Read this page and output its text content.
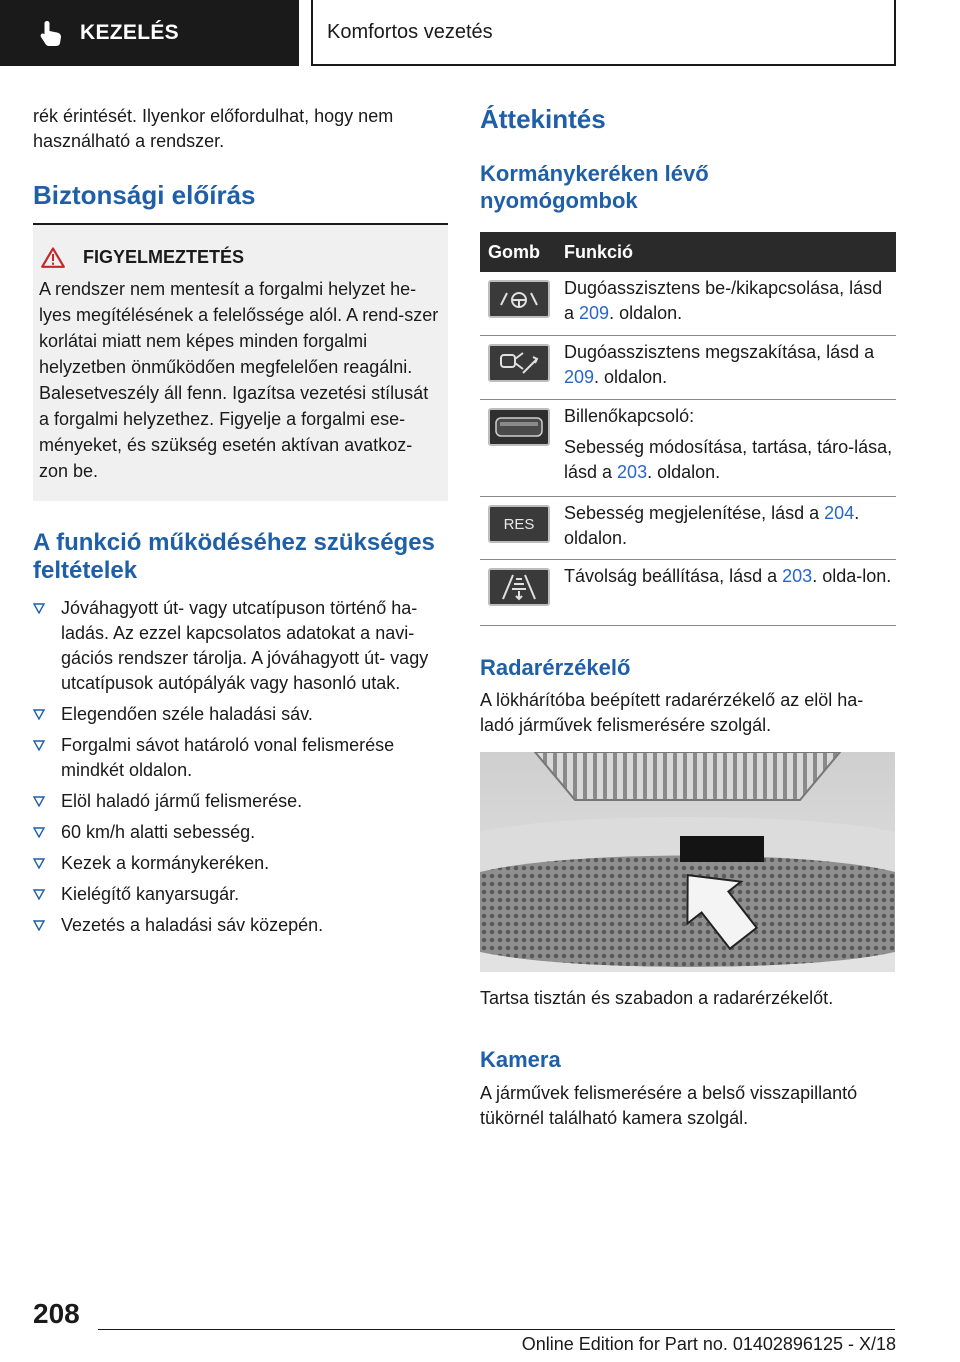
KEZELÉS	Komfortos vezetés
rék érintését. Ilyenkor előfordulhat, hogy nem használható a rendszer.
Biztonsági előírás
FIGYELMEZTETÉS
A rendszer nem mentesít a forgalmi helyzet he-lyes megítélésének a felelőssége alól. A rend-szer korlátai miatt nem képes minden forgalmi helyzetben önműködően megfelelően reagálni. Balesetveszély áll fenn. Igazítsa vezetési stílusát a forgalmi helyzethez. Figyelje a forgalmi ese-ményeket, és szükség esetén aktívan avatkoz-zon be.
A funkció működéséhez szükséges feltételek
Jóváhagyott út- vagy utcatípuson történő ha-ladás. Az ezzel kapcsolatos adatokat a navi-gációs rendszer tárolja. A jóváhagyott út- vagy utcatípusok autópályák vagy hasonló utak.
Elegendően széle haladási sáv.
Forgalmi sávot határoló vonal felismerése mindkét oldalon.
Elöl haladó jármű felismerése.
60 km/h alatti sebesség.
Kezek a kormánykeréken.
Kielégítő kanyarsugár.
Vezetés a haladási sáv közepén.
Áttekintés
Kormánykeréken lévő nyomógombok
Gomb	Funkció
Dugóasszisztens be-/kikapcsolása, lásd a 209. oldalon.
Dugóasszisztens megszakítása, lásd a 209. oldalon.

Billenőkapcsoló:

Sebesség módosítása, tartása, táro-lása, lásd a 203. oldalon.

RES
Sebesség megjelenítése, lásd a 204. oldalon.
Távolság beállítása, lásd a 203. olda-lon.
Radarérzékelő
A lökhárítóba beépített radarérzékelő az elöl ha-ladó járművek felismerésére szolgál.
Tartsa tisztán és szabadon a radarérzékelőt.
Kamera
A járművek felismerésére a belső visszapillantó tükörnél található kamera szolgál.
208
Online Edition for Part no. 01402896125 - X/18
